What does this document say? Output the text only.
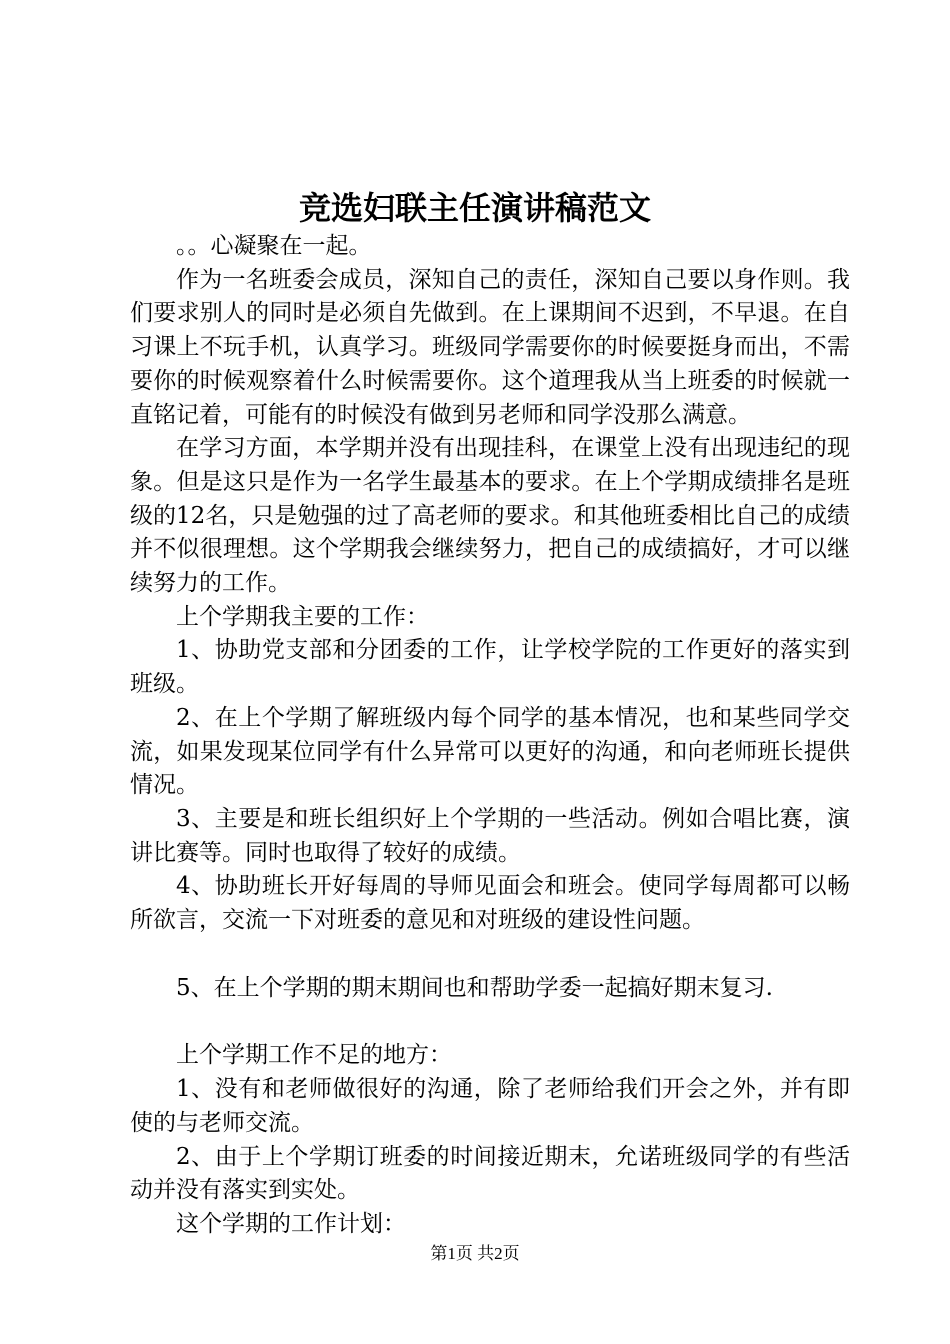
竞选妇联主任演讲稿范文

。。心凝聚在一起。

作为一名班委会成员，深知自己的责任，深知自己要以身作则。我们要求别人的同时是必须自先做到。在上课期间不迟到，不早退。在自习课上不玩手机，认真学习。班级同学需要你的时候要挺身而出，不需要你的时候观察着什么时候需要你。这个道理我从当上班委的时候就一直铭记着，可能有的时候没有做到另老师和同学没那么满意。

在学习方面，本学期并没有出现挂科，在课堂上没有出现违纪的现象。但是这只是作为一名学生最基本的要求。在上个学期成绩排名是班级的12名，只是勉强的过了高老师的要求。和其他班委相比自己的成绩并不似很理想。这个学期我会继续努力，把自己的成绩搞好，才可以继续努力的工作。

上个学期我主要的工作：

1、协助党支部和分团委的工作，让学校学院的工作更好的落实到班级。

2、在上个学期了解班级内每个同学的基本情况，也和某些同学交流，如果发现某位同学有什么异常可以更好的沟通，和向老师班长提供情况。

3、主要是和班长组织好上个学期的一些活动。例如合唱比赛，演讲比赛等。同时也取得了较好的成绩。

4、协助班长开好每周的导师见面会和班会。使同学每周都可以畅所欲言，交流一下对班委的意见和对班级的建设性问题。

5、在上个学期的期末期间也和帮助学委一起搞好期末复习.

上个学期工作不足的地方：

1、没有和老师做很好的沟通，除了老师给我们开会之外，并有即使的与老师交流。

2、由于上个学期订班委的时间接近期末，允诺班级同学的有些活动并没有落实到实处。

这个学期的工作计划：

第1页 共2页
